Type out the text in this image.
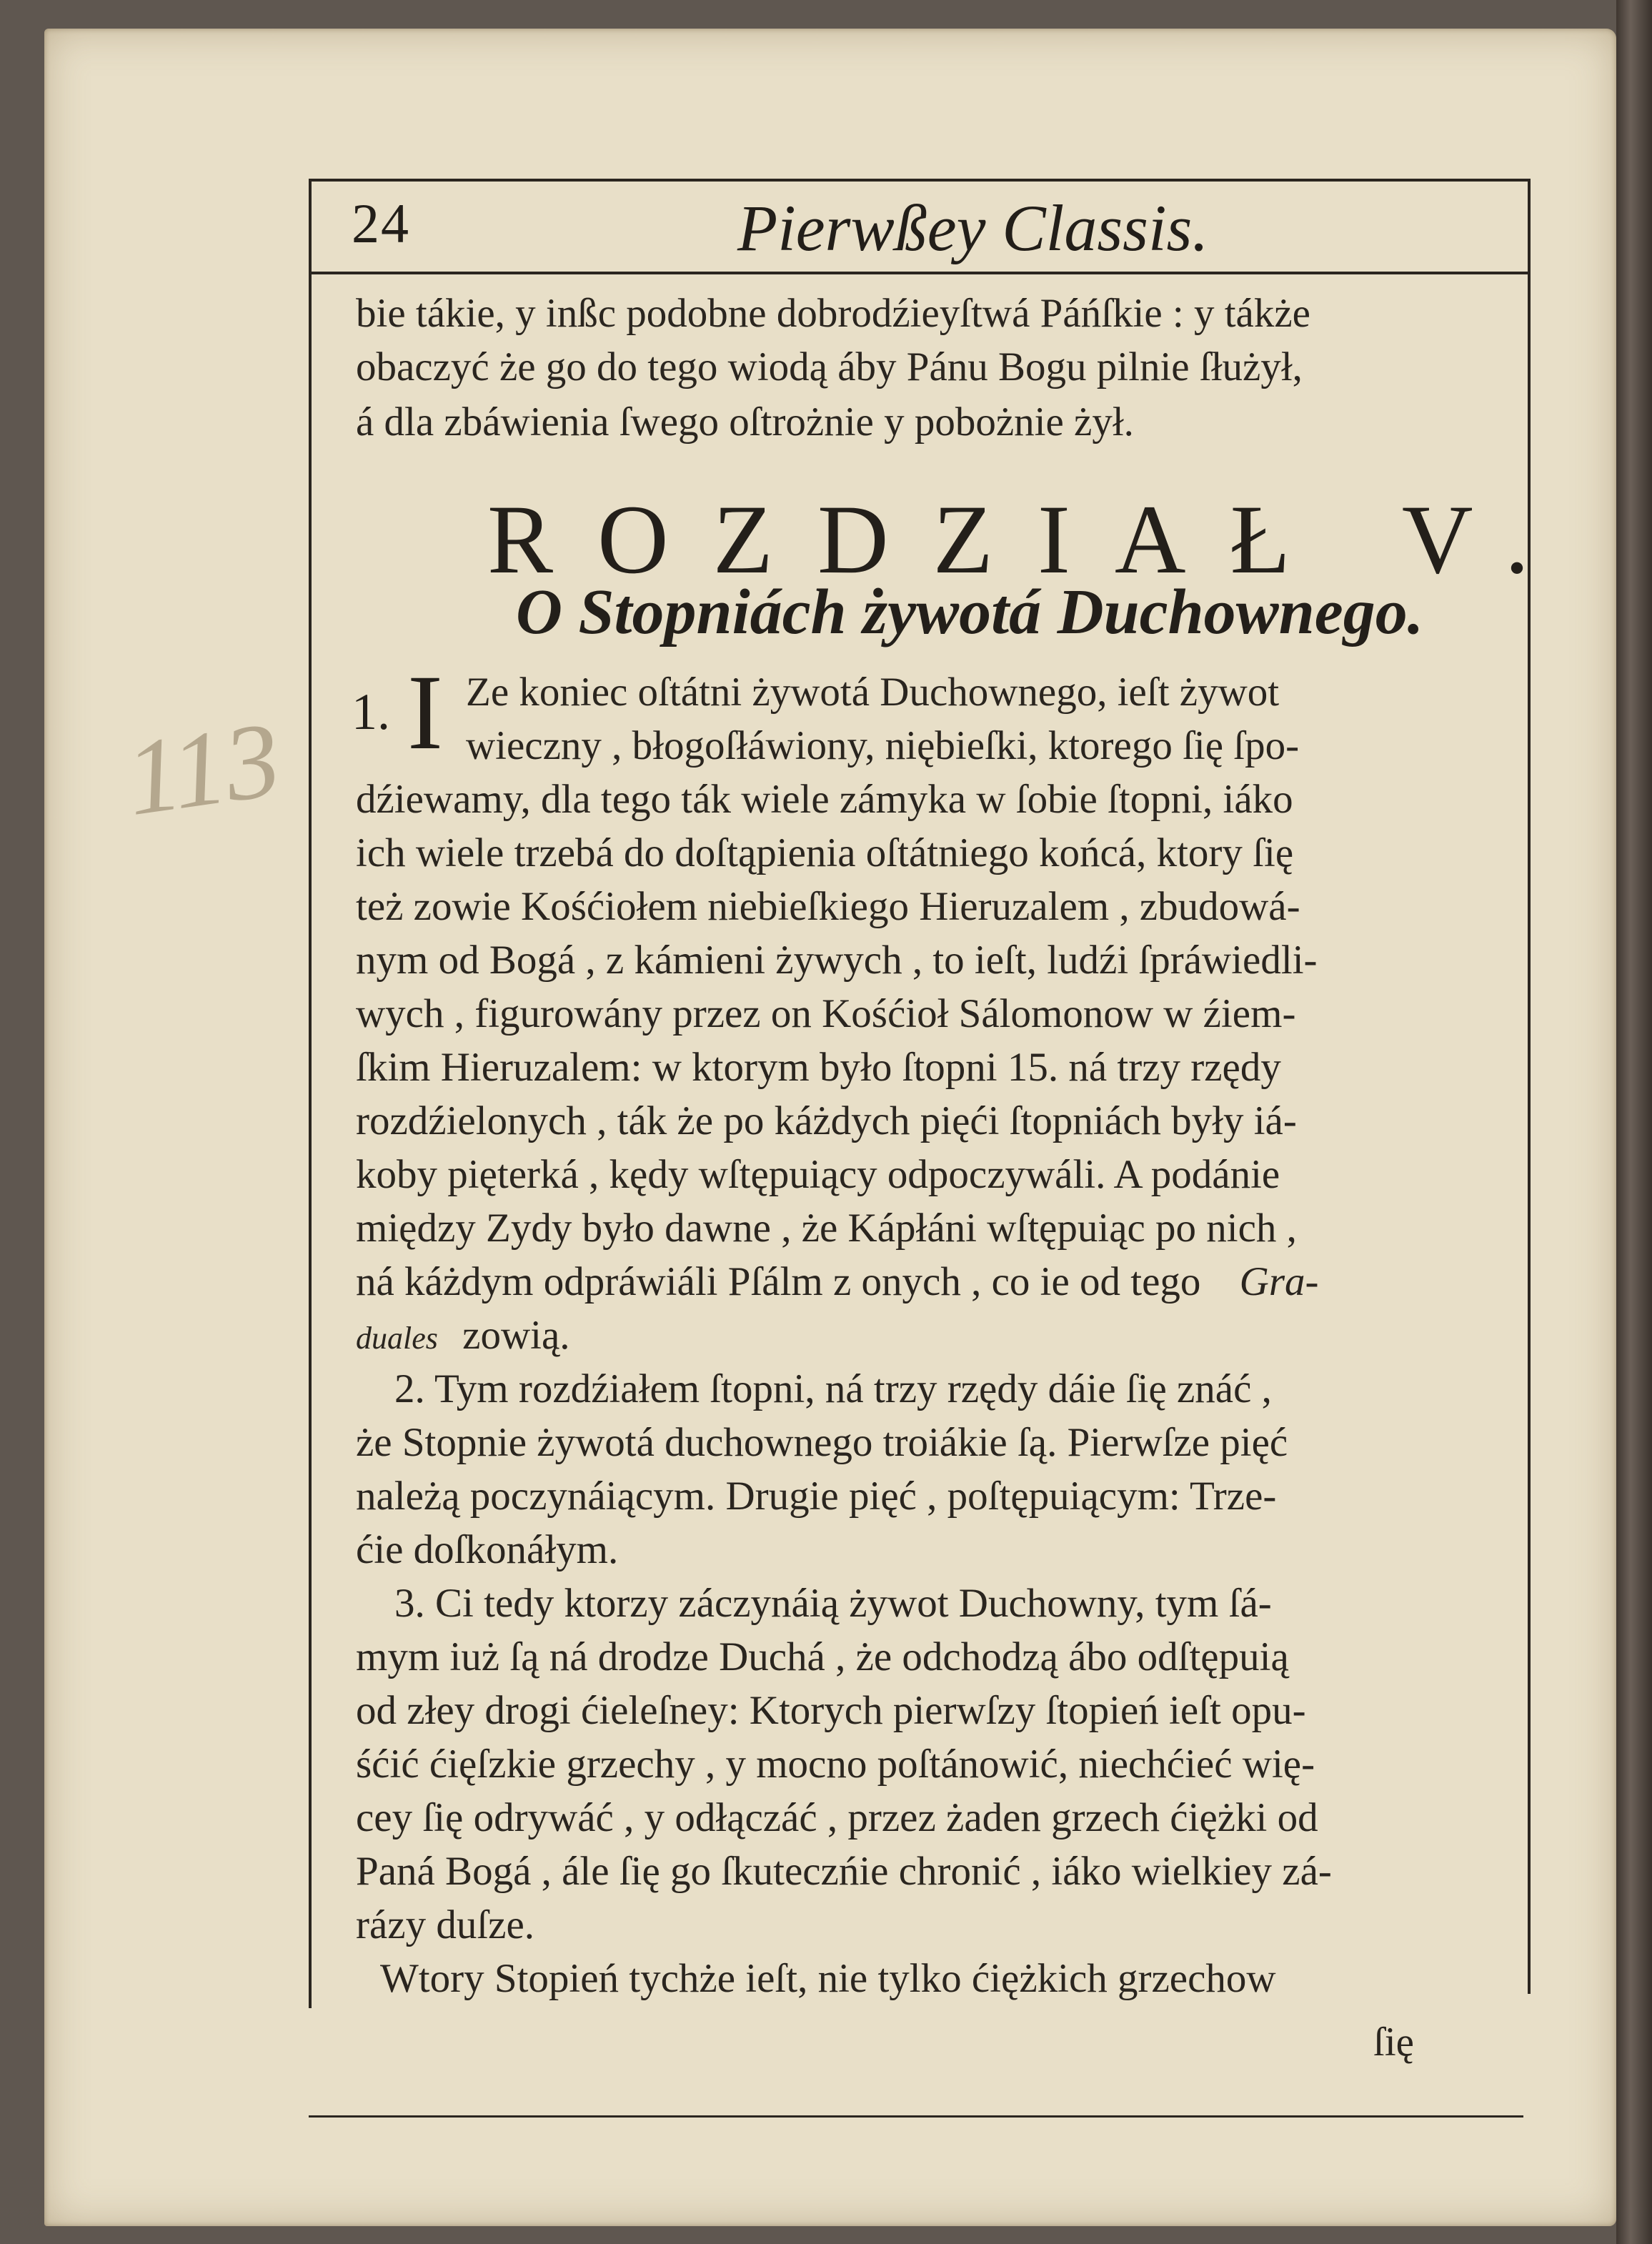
113
24	Pierwßey Classis.
bie tákie, y inßc podobne dobrodźieyſtwá Páńſkie : y tákże
obaczyć że go do tego wiodą áby Pánu Bogu pilnie ſłużył,
á dla zbáwienia ſwego oſtrożnie y pobożnie żył.
ROZDZIAŁ V.
O Stopniách żywotá Duchownego.
1. I Ze koniec oſtátni żywotá Duchownego, ieſt żywot
wieczny , błogoſłáwiony, niębieſki, ktorego ſię ſpo-
dźiewamy, dla tego ták wiele zámyka w ſobie ſtopni, iáko
ich wiele trzebá do doſtąpienia oſtátniego końcá, ktory ſię
też zowie Kośćiołem niebieſkiego Hieruzalem , zbudowá-
nym od Bogá , z kámieni żywych , to ieſt, ludźi ſpráwiedli-
wych , figurowány przez on Kośćioł Sálomonow w źiem-
ſkim Hieruzalem: w ktorym było ſtopni 15. ná trzy rzędy
rozdźielonych , ták że po káżdych pięći ſtopniách były iá-
koby pięterká , kędy wſtępuiący odpoczywáli. A podánie
między Zydy było dawne , że Kápłáni wſtępuiąc po nich ,
ná káżdym odpráwiáli Pſálm z onych , co ie od tego Gra-
duales zowią.
2. Tym rozdźiałem ſtopni, ná trzy rzędy dáie ſię znáć ,
że Stopnie żywotá duchownego troiákie ſą. Pierwſze pięć
należą poczynáiącym. Drugie pięć , poſtępuiącym: Trze-
ćie doſkonáłym.
3. Ci tedy ktorzy záczynáią żywot Duchowny, tym ſá-
mym iuż ſą ná drodze Duchá , że odchodzą ábo odſtępuią
od złey drogi ćieleſney: Ktorych pierwſzy ſtopień ieſt opu-
śćić ćięſzkie grzechy , y mocno poſtánowić, niechćieć wię-
cey ſię odrywáć , y odłączáć , przez żaden grzech ćiężki od
Paná Bogá , ále ſię go ſkuteczńie chronić , iáko wielkiey zá-
rázy duſze.
Wtory Stopień tychże ieſt, nie tylko ćiężkich grzechow
ſię
